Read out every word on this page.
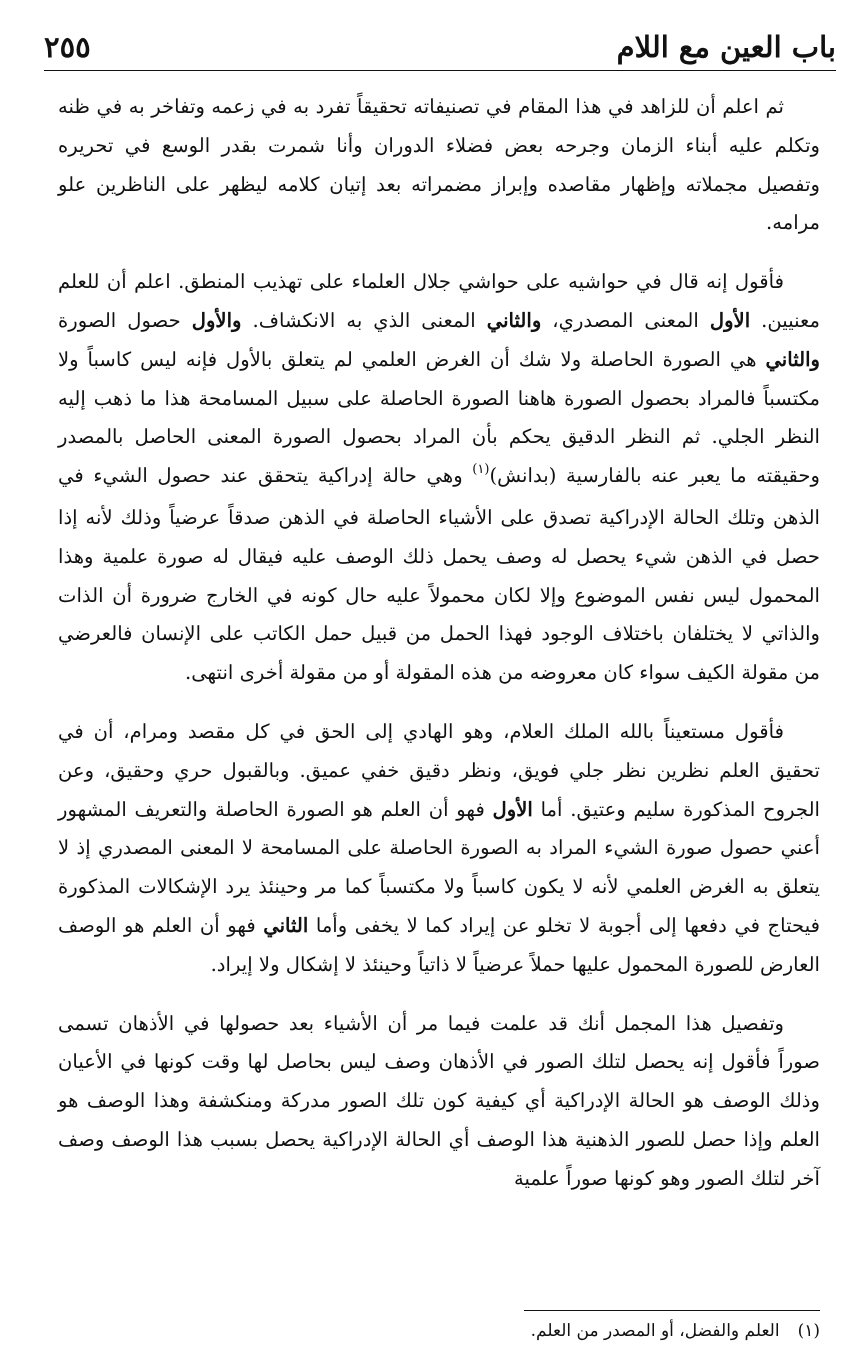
باب العين مع اللام
٢٥٥

ثم اعلم أن للزاهد في هذا المقام في تصنيفاته تحقيقاً تفرد به في زعمه وتفاخر به في ظنه وتكلم عليه أبناء الزمان وجرحه بعض فضلاء الدوران وأنا شمرت بقدر الوسع في تحريره وتفصيل مجملاته وإظهار مقاصده وإبراز مضمراته بعد إتيان كلامه ليظهر على الناظرين علو مرامه.

فأقول إنه قال في حواشيه على حواشي جلال العلماء على تهذيب المنطق. اعلم أن للعلم معنيين. الأول المعنى المصدري، والثاني المعنى الذي به الانكشاف. والأول حصول الصورة والثاني هي الصورة الحاصلة ولا شك أن الغرض العلمي لم يتعلق بالأول فإنه ليس كاسباً ولا مكتسباً فالمراد بحصول الصورة هاهنا الصورة الحاصلة على سبيل المسامحة هذا ما ذهب إليه النظر الجلي. ثم النظر الدقيق يحكم بأن المراد بحصول الصورة المعنى الحاصل بالمصدر وحقيقته ما يعبر عنه بالفارسية (بدانش)$^{(١)}$ وهي حالة إدراكية يتحقق عند حصول الشيء في الذهن وتلك الحالة الإدراكية تصدق على الأشياء الحاصلة في الذهن صدقاً عرضياً وذلك لأنه إذا حصل في الذهن شيء يحصل له وصف يحمل ذلك الوصف عليه فيقال له صورة علمية وهذا المحمول ليس نفس الموضوع وإلا لكان محمولاً عليه حال كونه في الخارج ضرورة أن الذات والذاتي لا يختلفان باختلاف الوجود فهذا الحمل من قبيل حمل الكاتب على الإنسان فالعرضي من مقولة الكيف سواء كان معروضه من هذه المقولة أو من مقولة أخرى انتهى.

فأقول مستعيناً بالله الملك العلام، وهو الهادي إلى الحق في كل مقصد ومرام، أن في تحقيق العلم نظرين نظر جلي فويق، ونظر دقيق خفي عميق. وبالقبول حري وحقيق، وعن الجروح المذكورة سليم وعتيق. أما الأول فهو أن العلم هو الصورة الحاصلة والتعريف المشهور أعني حصول صورة الشيء المراد به الصورة الحاصلة على المسامحة لا المعنى المصدري إذ لا يتعلق به الغرض العلمي لأنه لا يكون كاسباً ولا مكتسباً كما مر وحينئذ يرد الإشكالات المذكورة فيحتاج في دفعها إلى أجوبة لا تخلو عن إيراد كما لا يخفى وأما الثاني فهو أن العلم هو الوصف العارض للصورة المحمول عليها حملاً عرضياً لا ذاتياً وحينئذ لا إشكال ولا إيراد.

وتفصيل هذا المجمل أنك قد علمت فيما مر أن الأشياء بعد حصولها في الأذهان تسمى صوراً فأقول إنه يحصل لتلك الصور في الأذهان وصف ليس بحاصل لها وقت كونها في الأعيان وذلك الوصف هو الحالة الإدراكية أي كيفية كون تلك الصور مدركة ومنكشفة وهذا الوصف هو العلم وإذا حصل للصور الذهنية هذا الوصف أي الحالة الإدراكية يحصل بسبب هذا الوصف وصف آخر لتلك الصور وهو كونها صوراً علمية

(١)العلم والفضل، أو المصدر من العلم.
